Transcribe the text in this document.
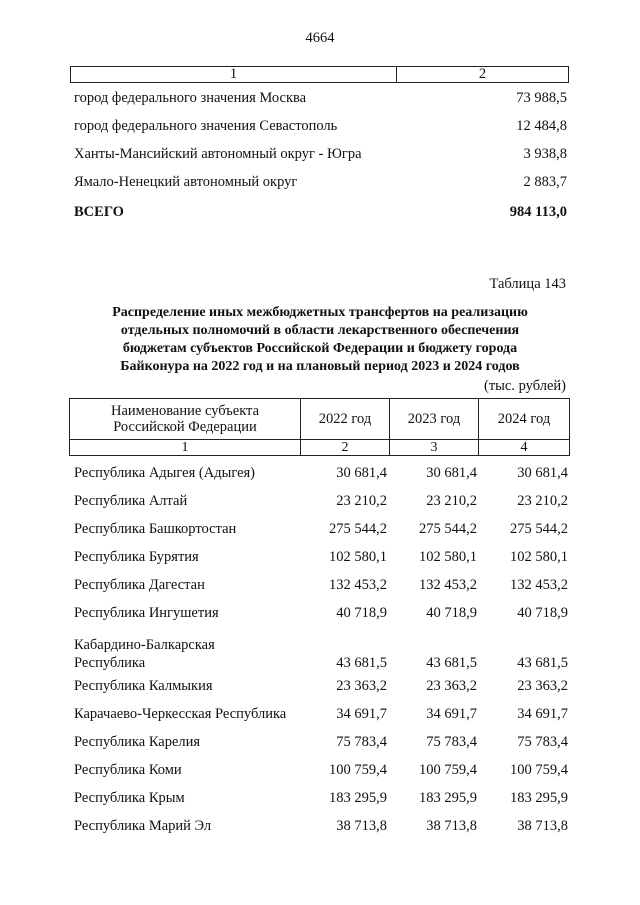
4664
1	2
город федерального значения Москва	73 988,5
город федерального значения Севастополь	12 484,8
Ханты-Мансийский автономный округ - Югра	3 938,8
Ямало-Ненецкий автономный округ	2 883,7
ВСЕГО	984 113,0
Таблица 143
Распределение иных межбюджетных трансфертов на реализацию
отдельных полномочий в области лекарственного обеспечения
бюджетам субъектов Российской Федерации и бюджету города
Байконура на 2022 год и на плановый период 2023 и 2024 годов
(тыс. рублей)
Наименование субъекта
Российской Федерации	2022 год	2023 год	2024 год
1	2	3	4
Республика Адыгея (Адыгея)	30 681,4	30 681,4	30 681,4
Республика Алтай	23 210,2	23 210,2	23 210,2
Республика Башкортостан	275 544,2	275 544,2	275 544,2
Республика Бурятия	102 580,1	102 580,1	102 580,1
Республика Дагестан	132 453,2	132 453,2	132 453,2
Республика Ингушетия	40 718,9	40 718,9	40 718,9
Кабардино-Балкарская Республика	43 681,5	43 681,5	43 681,5
Республика Калмыкия	23 363,2	23 363,2	23 363,2
Карачаево-Черкесская Республика	34 691,7	34 691,7	34 691,7
Республика Карелия	75 783,4	75 783,4	75 783,4
Республика Коми	100 759,4	100 759,4	100 759,4
Республика Крым	183 295,9	183 295,9	183 295,9
Республика Марий Эл	38 713,8	38 713,8	38 713,8
